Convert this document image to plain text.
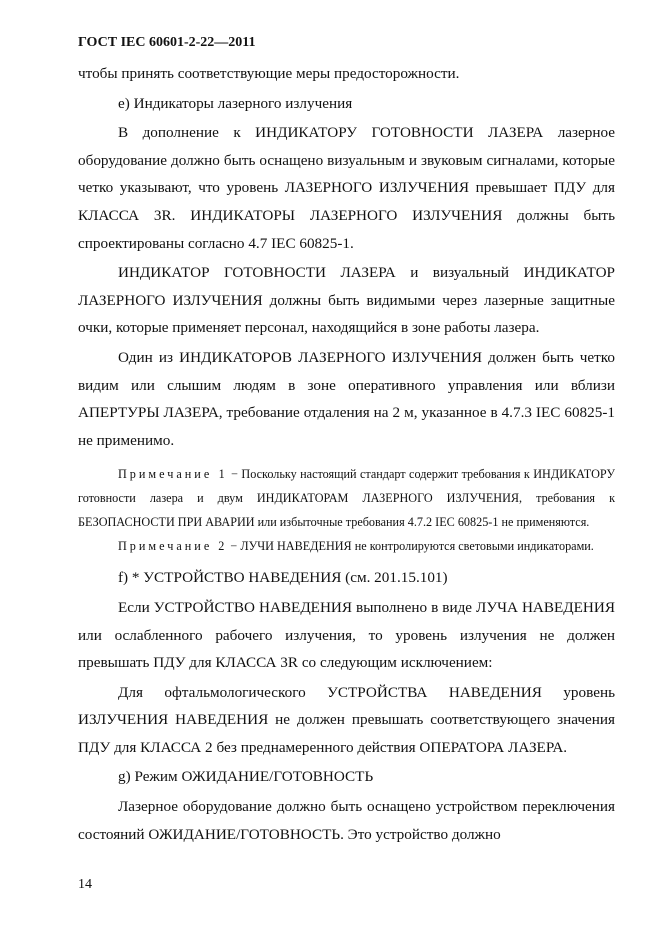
ГОСТ IEC 60601-2-22—2011

чтобы принять соответствующие меры предосторожности.

e) Индикаторы лазерного излучения

В дополнение к ИНДИКАТОРУ ГОТОВНОСТИ ЛАЗЕРА лазерное оборудование должно быть оснащено визуальным и звуковым сигналами, которые четко указывают, что уровень ЛАЗЕРНОГО ИЗЛУЧЕНИЯ превышает ПДУ для КЛАССА 3R. ИНДИКАТОРЫ ЛАЗЕРНОГО ИЗЛУЧЕНИЯ должны быть спроектированы согласно 4.7 IEC 60825-1.

ИНДИКАТОР ГОТОВНОСТИ ЛАЗЕРА и визуальный ИНДИКАТОР ЛАЗЕРНОГО ИЗЛУЧЕНИЯ должны быть видимыми через лазерные защитные очки, которые применяет персонал, находящийся в зоне работы лазера.

Один из ИНДИКАТОРОВ ЛАЗЕРНОГО ИЗЛУЧЕНИЯ должен быть четко видим или слышим людям в зоне оперативного управления или вблизи АПЕРТУРЫ ЛАЗЕРА, требование отдаления на 2 м, указанное в 4.7.3 IEC 60825-1 не применимо.

Примечание 1 − Поскольку настоящий стандарт содержит требования к ИНДИКАТОРУ готовности лазера и двум ИНДИКАТОРАМ ЛАЗЕРНОГО ИЗЛУЧЕНИЯ, требования к БЕЗОПАСНОСТИ ПРИ АВАРИИ или избыточные требования 4.7.2 IEC 60825-1 не применяются.
Примечание 2 − ЛУЧИ НАВЕДЕНИЯ не контролируются световыми индикаторами.

f) * УСТРОЙСТВО НАВЕДЕНИЯ (см. 201.15.101)

Если УСТРОЙСТВО НАВЕДЕНИЯ выполнено в виде ЛУЧА НАВЕДЕНИЯ или ослабленного рабочего излучения, то уровень излучения не должен превышать ПДУ для КЛАССА 3R со следующим исключением:

Для офтальмологического УСТРОЙСТВА НАВЕДЕНИЯ уровень ИЗЛУЧЕНИЯ НАВЕДЕНИЯ не должен превышать соответствующего значения ПДУ для КЛАССА 2 без преднамеренного действия ОПЕРАТОРА ЛАЗЕРА.

g) Режим ОЖИДАНИЕ/ГОТОВНОСТЬ

Лазерное оборудование должно быть оснащено устройством переключения состояний ОЖИДАНИЕ/ГОТОВНОСТЬ. Это устройство должно

14
